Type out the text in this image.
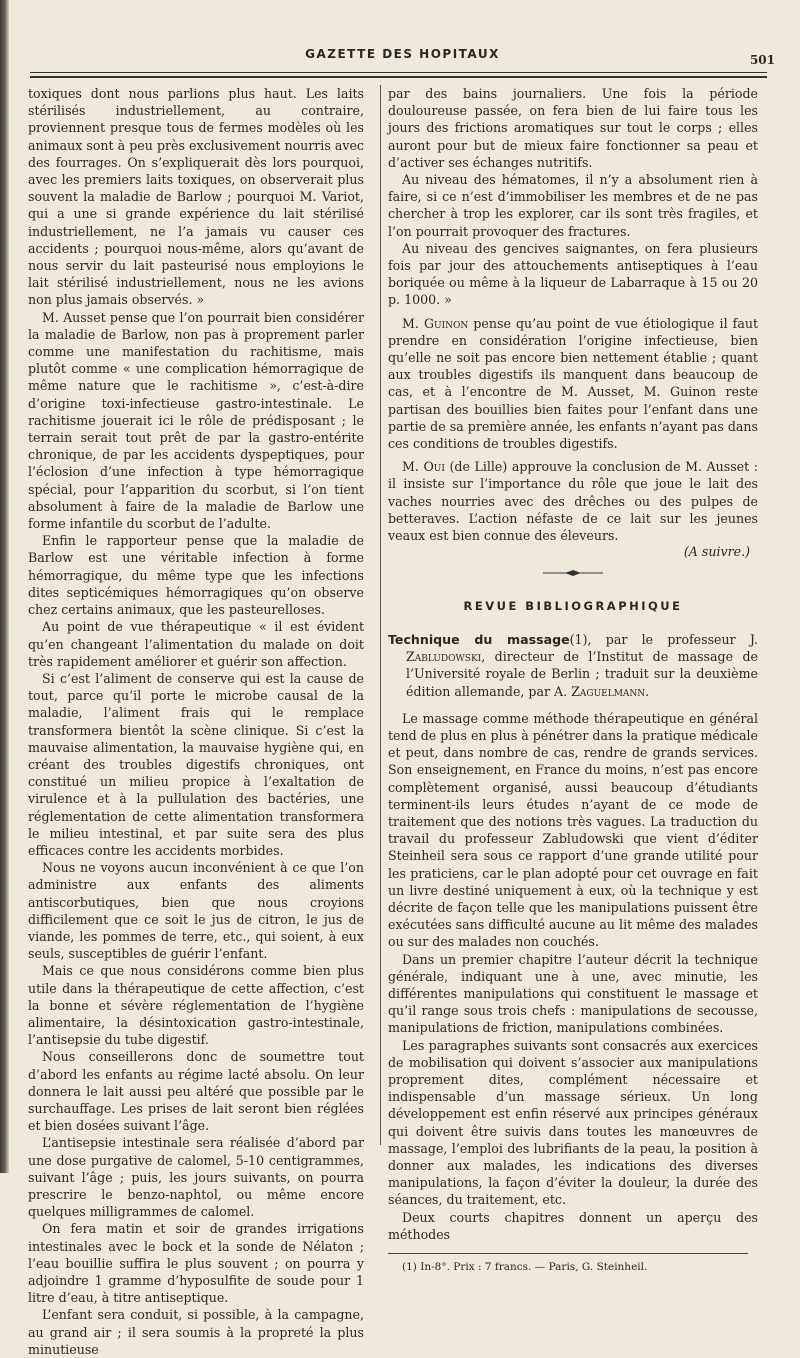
GAZETTE DES HOPITAUX	501

toxiques dont nous parlions plus haut. Les laits stérilisés industriellement, au contraire, proviennent presque tous de fermes modèles où les animaux sont à peu près exclusivement nourris avec des fourrages. On s’expliquerait dès lors pourquoi, avec les premiers laits toxiques, on observerait plus souvent la maladie de Barlow ; pourquoi M. Variot, qui a une si grande expérience du lait stérilisé industriellement, ne l’a jamais vu causer ces accidents ; pourquoi nous-même, alors qu’avant de nous servir du lait pasteurisé nous employions le lait stérilisé industriellement, nous ne les avions non plus jamais observés. »

M. Ausset pense que l’on pourrait bien considérer la maladie de Barlow, non pas à proprement parler comme une manifestation du rachitisme, mais plutôt comme « une complication hémorragique de même nature que le rachitisme », c’est-à-dire d’origine toxi-infectieuse gastro-intestinale. Le rachitisme jouerait ici le rôle de prédisposant ; le terrain serait tout prêt de par la gastro-entérite chronique, de par les accidents dyspeptiques, pour l’éclosion d’une infection à type hémorragique spécial, pour l’apparition du scorbut, si l’on tient absolument à faire de la maladie de Barlow une forme infantile du scorbut de l’adulte.

Enfin le rapporteur pense que la maladie de Barlow est une véritable infection à forme hémorragique, du même type que les infections dites septicémiques hémorragiques qu’on observe chez certains animaux, que les pasteurelloses.

Au point de vue thérapeutique « il est évident qu’en changeant l’alimentation du malade on doit très rapidement améliorer et guérir son affection.

Si c’est l’aliment de conserve qui est la cause de tout, parce qu’il porte le microbe causal de la maladie, l’aliment frais qui le remplace transformera bientôt la scène clinique. Si c’est la mauvaise alimentation, la mauvaise hygiène qui, en créant des troubles digestifs chroniques, ont constitué un milieu propice à l’exaltation de virulence et à la pullulation des bactéries, une réglementation de cette alimentation transformera le milieu intestinal, et par suite sera des plus efficaces contre les accidents morbides.

Nous ne voyons aucun inconvénient à ce que l’on administre aux enfants des aliments antiscorbutiques, bien que nous croyions difficilement que ce soit le jus de citron, le jus de viande, les pommes de terre, etc., qui soient, à eux seuls, susceptibles de guérir l’enfant.

Mais ce que nous considérons comme bien plus utile dans la thérapeutique de cette affection, c’est la bonne et sévère réglementation de l’hygiène alimentaire, la désintoxication gastro-intestinale, l’antisepsie du tube digestif.

Nous conseillerons donc de soumettre tout d’abord les enfants au régime lacté absolu. On leur donnera le lait aussi peu altéré que possible par le surchauffage. Les prises de lait seront bien réglées et bien dosées suivant l’âge.

L’antisepsie intestinale sera réalisée d’abord par une dose purgative de calomel, 5-10 centigrammes, suivant l’âge ; puis, les jours suivants, on pourra prescrire le benzo-naphtol, ou même encore quelques milligrammes de calomel.

On fera matin et soir de grandes irrigations intestinales avec le bock et la sonde de Nélaton ; l’eau bouillie suffira le plus souvent ; on pourra y adjoindre 1 gramme d’hyposulfite de soude pour 1 litre d’eau, à titre antiseptique.

L’enfant sera conduit, si possible, à la campagne, au grand air ; il sera soumis à la propreté la plus minutieuse

par des bains journaliers. Une fois la période douloureuse passée, on fera bien de lui faire tous les jours des frictions aromatiques sur tout le corps ; elles auront pour but de mieux faire fonctionner sa peau et d’activer ses échanges nutritifs.

Au niveau des hématomes, il n’y a absolument rien à faire, si ce n’est d’immobiliser les membres et de ne pas chercher à trop les explorer, car ils sont très fragiles, et l’on pourrait provoquer des fractures.

Au niveau des gencives saignantes, on fera plusieurs fois par jour des attouchements antiseptiques à l’eau boriquée ou même à la liqueur de Labarraque à 15 ou 20 p. 1000. »

M. Guinon pense qu’au point de vue étiologique il faut prendre en considération l’origine infectieuse, bien qu’elle ne soit pas encore bien nettement établie ; quant aux troubles digestifs ils manquent dans beaucoup de cas, et à l’encontre de M. Ausset, M. Guinon reste partisan des bouillies bien faites pour l’enfant dans une partie de sa première année, les enfants n’ayant pas dans ces conditions de troubles digestifs.

M. Oui (de Lille) approuve la conclusion de M. Ausset : il insiste sur l’importance du rôle que joue le lait des vaches nourries avec des drêches ou des pulpes de betteraves. L’action néfaste de ce lait sur les jeunes veaux est bien connue des éleveurs.

(A suivre.)
REVUE BIBLIOGRAPHIQUE

Technique du massage(1), par le professeur J. Zabludowski, directeur de l’Institut de massage de l’Université royale de Berlin ; traduit sur la deuxième édition allemande, par A. Zaguelmann.

Le massage comme méthode thérapeutique en général tend de plus en plus à pénétrer dans la pratique médicale et peut, dans nombre de cas, rendre de grands services. Son enseignement, en France du moins, n’est pas encore complètement organisé, aussi beaucoup d’étudiants terminent-ils leurs études n’ayant de ce mode de traitement que des notions très vagues. La traduction du travail du professeur Zabludowski que vient d’éditer Steinheil sera sous ce rapport d’une grande utilité pour les praticiens, car le plan adopté pour cet ouvrage en fait un livre destiné uniquement à eux, où la technique y est décrite de façon telle que les manipulations puissent être exécutées sans difficulté aucune au lit même des malades ou sur des malades non couchés.

Dans un premier chapitre l’auteur décrit la technique générale, indiquant une à une, avec minutie, les différentes manipulations qui constituent le massage et qu’il range sous trois chefs : manipulations de secousse, manipulations de friction, manipulations combinées.

Les paragraphes suivants sont consacrés aux exercices de mobilisation qui doivent s’associer aux manipulations proprement dites, complément nécessaire et indispensable d’un massage sérieux. Un long développement est enfin réservé aux principes généraux qui doivent être suivis dans toutes les manœuvres de massage, l’emploi des lubrifiants de la peau, la position à donner aux malades, les indications des diverses manipulations, la façon d’éviter la douleur, la durée des séances, du traitement, etc.

Deux courts chapitres donnent un aperçu des méthodes

(1) In-8°. Prix : 7 francs. — Paris, G. Steinheil.
